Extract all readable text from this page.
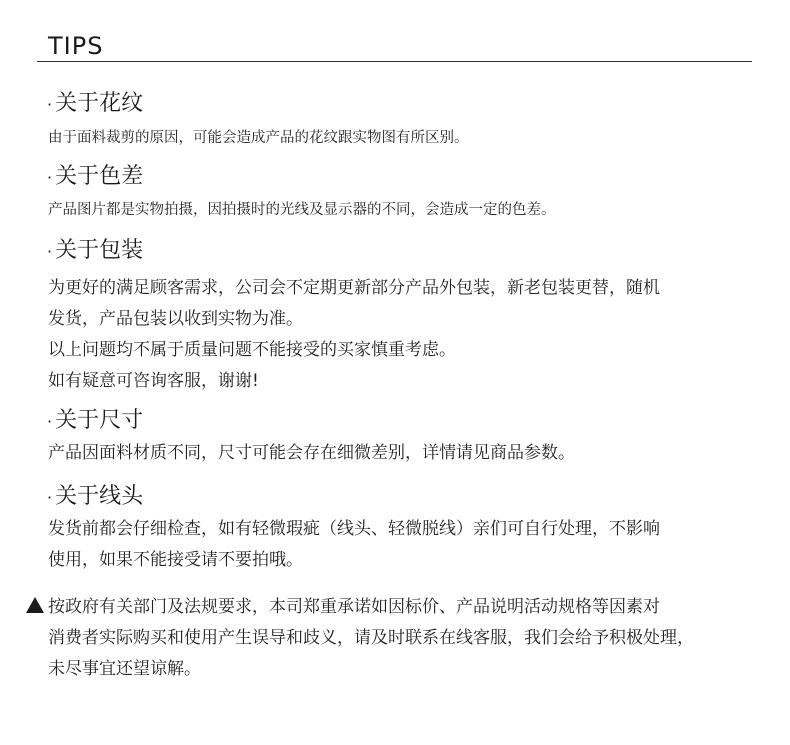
TIPS
· 关于花纹
由于面料裁剪的原因，可能会造成产品的花纹跟实物图有所区别。
· 关于色差
产品图片都是实物拍摄，因拍摄时的光线及显示器的不同，会造成一定的色差。
· 关于包装
为更好的满足顾客需求，公司会不定期更新部分产品外包装，新老包装更替，随机
发货，产品包装以收到实物为准。
以上问题均不属于质量问题不能接受的买家慎重考虑。
如有疑意可咨询客服，谢谢!
· 关于尺寸
产品因面料材质不同，尺寸可能会存在细微差别，详情请见商品参数。
· 关于线头
发货前都会仔细检查，如有轻微瑕疵（线头、轻微脱线）亲们可自行处理，不影响
使用，如果不能接受请不要拍哦。
按政府有关部门及法规要求，本司郑重承诺如因标价、产品说明活动规格等因素对
消费者实际购买和使用产生误导和歧义，请及时联系在线客服，我们会给予积极处理，
未尽事宜还望谅解。
